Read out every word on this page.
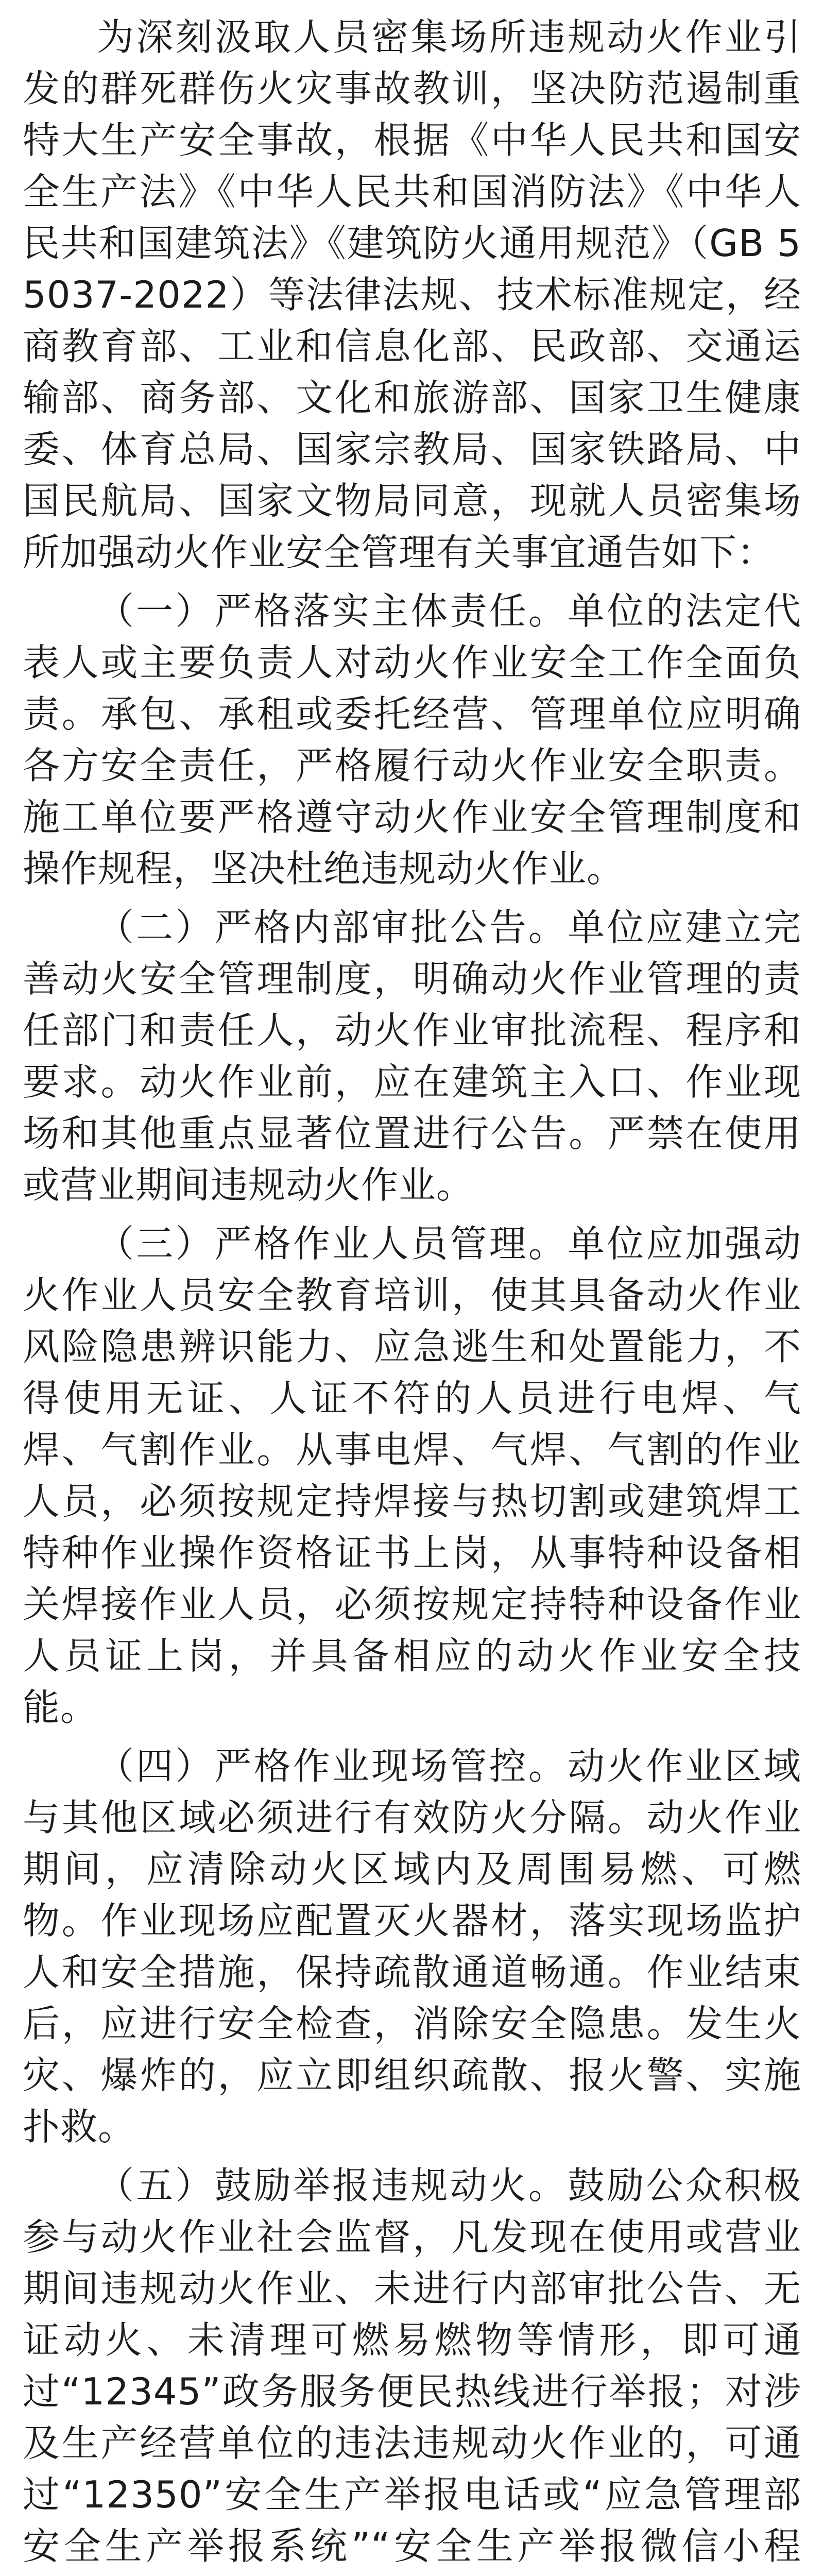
为深刻汲取人员密集场所违规动火作业引发的群死群伤火灾事故教训，坚决防范遏制重特大生产安全事故，根据《中华人民共和国安全生产法》《中华人民共和国消防法》《中华人民共和国建筑法》《建筑防火通用规范》（GB 55037-2022）等法律法规、技术标准规定，经商教育部、工业和信息化部、民政部、交通运输部、商务部、文化和旅游部、国家卫生健康委、体育总局、国家宗教局、国家铁路局、中国民航局、国家文物局同意，现就人员密集场所加强动火作业安全管理有关事宜通告如下：

（一）严格落实主体责任。单位的法定代表人或主要负责人对动火作业安全工作全面负责。承包、承租或委托经营、管理单位应明确各方安全责任，严格履行动火作业安全职责。施工单位要严格遵守动火作业安全管理制度和操作规程，坚决杜绝违规动火作业。

（二）严格内部审批公告。单位应建立完善动火安全管理制度，明确动火作业管理的责任部门和责任人，动火作业审批流程、程序和要求。动火作业前，应在建筑主入口、作业现场和其他重点显著位置进行公告。严禁在使用或营业期间违规动火作业。

（三）严格作业人员管理。单位应加强动火作业人员安全教育培训，使其具备动火作业风险隐患辨识能力、应急逃生和处置能力，不得使用无证、人证不符的人员进行电焊、气焊、气割作业。从事电焊、气焊、气割的作业人员，必须按规定持焊接与热切割或建筑焊工特种作业操作资格证书上岗，从事特种设备相关焊接作业人员，必须按规定持特种设备作业人员证上岗，并具备相应的动火作业安全技能。

（四）严格作业现场管控。动火作业区域与其他区域必须进行有效防火分隔。动火作业期间，应清除动火区域内及周围易燃、可燃物。作业现场应配置灭火器材，落实现场监护人和安全措施，保持疏散通道畅通。作业结束后，应进行安全检查，消除安全隐患。发生火灾、爆炸的，应立即组织疏散、报火警、实施扑救。

（五）鼓励举报违规动火。鼓励公众积极参与动火作业社会监督，凡发现在使用或营业期间违规动火作业、未进行内部审批公告、无证动火、未清理可燃易燃物等情形，即可通过“12345”政务服务便民热线进行举报；对涉及生产经营单位的违法违规动火作业的，可通过“12350”安全生产举报电话或“应急管理部安全生产举报系统”“安全生产举报微信小程
